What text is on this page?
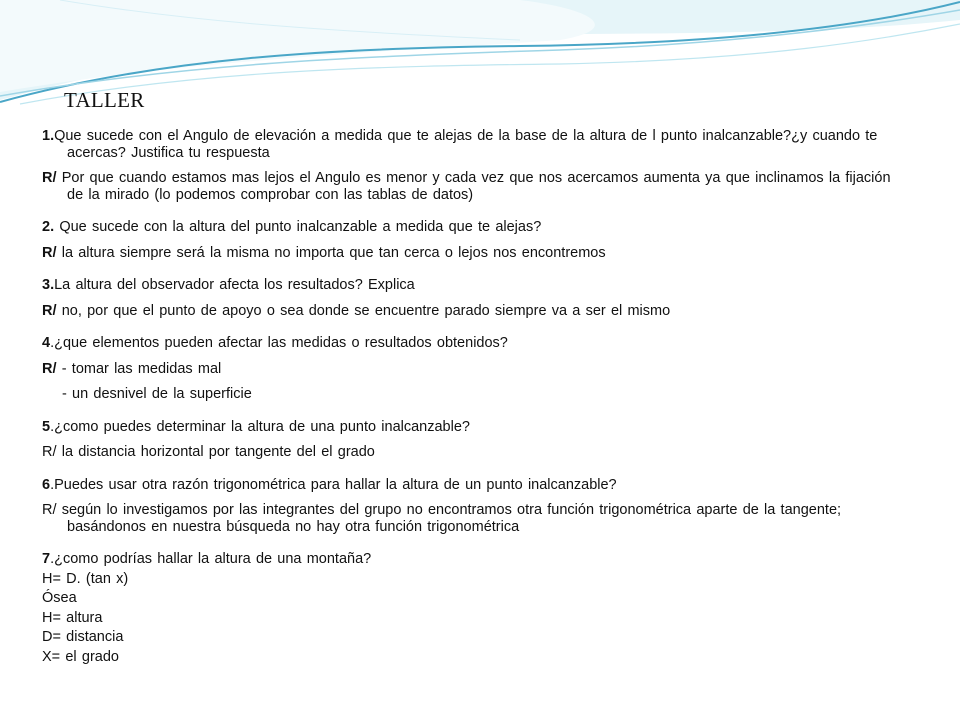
TALLER

1.Que sucede con el Angulo de elevación a medida que te alejas de la base de la altura de l punto inalcanzable?¿y cuando te acercas? Justifica tu respuesta

R/ Por que cuando estamos mas lejos el Angulo es menor y cada vez que nos acercamos aumenta ya que inclinamos la fijación de la mirado (lo podemos comprobar con las tablas de datos)

2. Que sucede con la altura del punto inalcanzable a medida que te alejas?

R/ la altura siempre será la misma no importa que tan cerca o lejos nos encontremos

3.La altura del observador afecta los resultados? Explica

R/ no, por que el punto de apoyo o sea donde se encuentre parado siempre va a ser el mismo

4.¿que elementos pueden afectar las medidas o resultados obtenidos?

R/ - tomar las medidas mal

- un desnivel de la superficie

5.¿como puedes determinar la altura de una punto inalcanzable?

R/ la distancia horizontal por tangente del el grado

6.Puedes usar otra razón trigonométrica para hallar la altura de un punto inalcanzable?

R/ según lo investigamos por las integrantes del grupo no encontramos otra función trigonométrica aparte de la tangente; basándonos en nuestra búsqueda no hay otra función trigonométrica

7.¿como podrías hallar la altura de una montaña?

H= D. (tan x)

Ósea

H= altura

D= distancia

X= el grado
